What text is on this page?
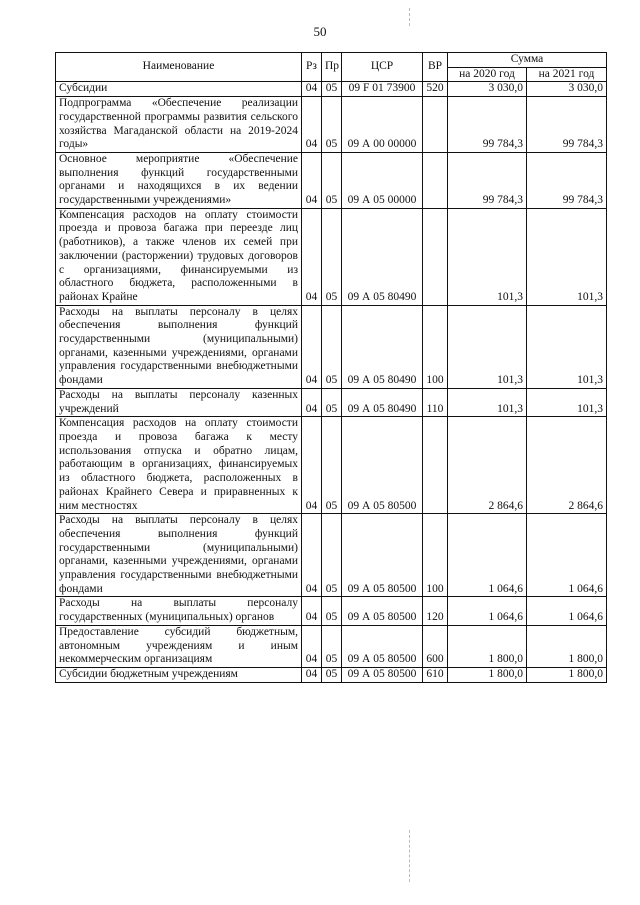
50
Наименование	Рз	Пр	ЦСР	ВР	Сумма	
					на 2020 год	на 2021 год
Субсидии	04	05	09 F 01 73900	520	3 030,0	3 030,0
Подпрограмма «Обеспечение реализации государственной программы развития сельского хозяйства Магаданской области на 2019-2024 годы»	04	05	09 А 00 00000		99 784,3	99 784,3
Основное мероприятие «Обеспечение выполнения функций государственными органами и находящихся в их ведении государственными учреждениями»	04	05	09 А 05 00000		99 784,3	99 784,3
Компенсация расходов на оплату стоимости проезда и провоза багажа при переезде лиц (работников), а также членов их семей при заключении (расторжении) трудовых договоров с организациями, финансируемыми из областного бюджета, расположенными в районах Крайне	04	05	09 А 05 80490		101,3	101,3
Расходы на выплаты персоналу в целях обеспечения выполнения функций государственными (муниципальными) органами, казенными учреждениями, органами управления государственными внебюджетными фондами	04	05	09 А 05 80490	100	101,3	101,3
Расходы на выплаты персоналу казенных учреждений	04	05	09 А 05 80490	110	101,3	101,3
Компенсация расходов на оплату стоимости проезда и провоза багажа к месту использования отпуска и обратно лицам, работающим в организациях, финансируемых из областного бюджета, расположенных в районах Крайнего Севера и приравненных к ним местностях	04	05	09 А 05 80500		2 864,6	2 864,6
Расходы на выплаты персоналу в целях обеспечения выполнения функций государственными (муниципальными) органами, казенными учреждениями, органами управления государственными внебюджетными фондами	04	05	09 А 05 80500	100	1 064,6	1 064,6
Расходы на выплаты персоналу государственных (муниципальных) органов	04	05	09 А 05 80500	120	1 064,6	1 064,6
Предоставление субсидий бюджетным, автономным учреждениям и иным некоммерческим организациям	04	05	09 А 05 80500	600	1 800,0	1 800,0
Субсидии бюджетным учреждениям	04	05	09 А 05 80500	610	1 800,0	1 800,0
